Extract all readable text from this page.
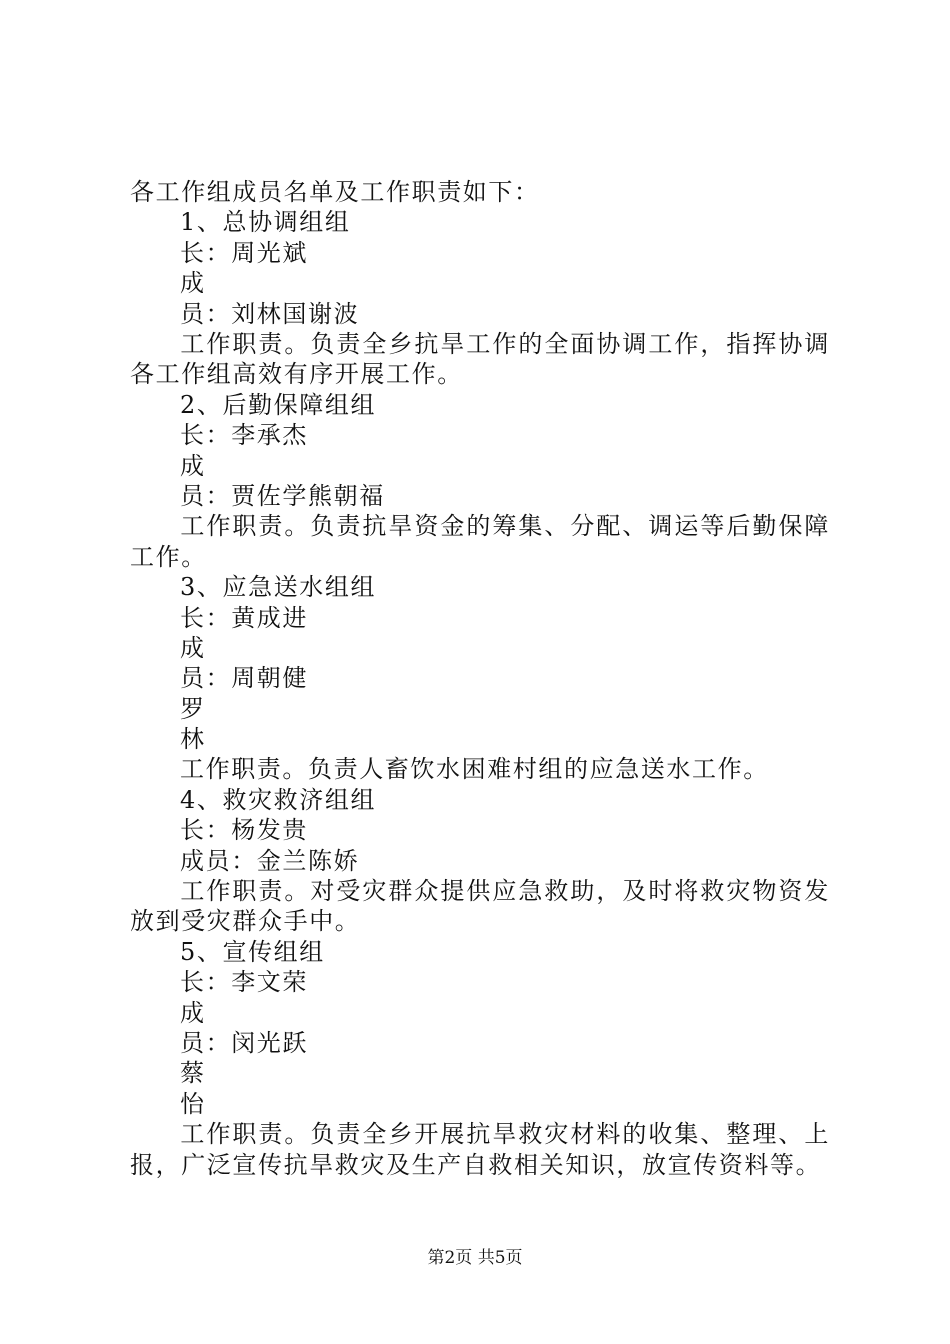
各工作组成员名单及工作职责如下：
1、总协调组组
长：周光斌
成
员：刘林国谢波
工作职责。负责全乡抗旱工作的全面协调工作，指挥协调各工作组高效有序开展工作。
2、后勤保障组组
长：李承杰
成
员：贾佐学熊朝福
工作职责。负责抗旱资金的筹集、分配、调运等后勤保障工作。
3、应急送水组组
长：黄成进
成
员：周朝健
罗
林
工作职责。负责人畜饮水困难村组的应急送水工作。
4、救灾救济组组
长：杨发贵
成员：金兰陈娇
工作职责。对受灾群众提供应急救助，及时将救灾物资发放到受灾群众手中。
5、宣传组组
长：李文荣
成
员：闵光跃
蔡
怡
工作职责。负责全乡开展抗旱救灾材料的收集、整理、上报，广泛宣传抗旱救灾及生产自救相关知识，放宣传资料等。
第2页 共5页
